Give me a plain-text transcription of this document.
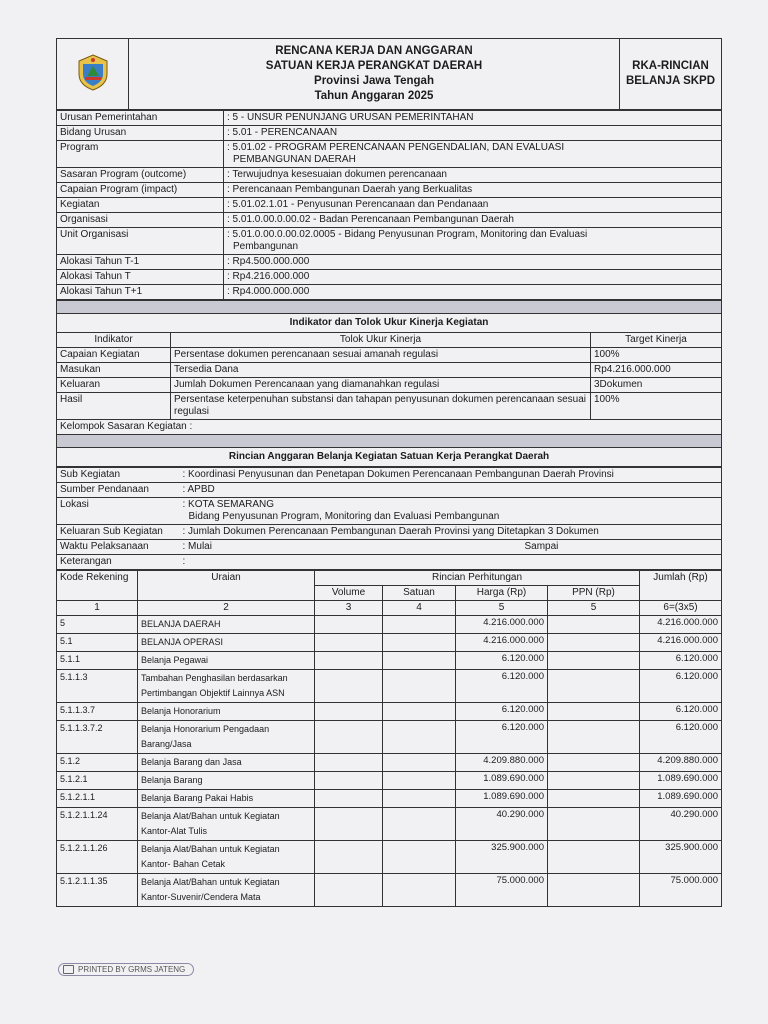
RENCANA KERJA DAN ANGGARAN
SATUAN KERJA PERANGKAT DAERAH
Provinsi Jawa Tengah
Tahun Anggaran 2025

RKA-RINCIAN
BELANJA SKPD
Urusan Pemerintahan	: 5 - UNSUR PENUNJANG URUSAN PEMERINTAHAN

Bidang Urusan	: 5.01 - PERENCANAAN

Program	: 5.01.02 - PROGRAM PERENCANAAN PENGENDALIAN, DAN EVALUASI
PEMBANGUNAN DAERAH

Sasaran Program (outcome)	: Terwujudnya kesesuaian dokumen perencanaan

Capaian Program (impact)	: Perencanaan Pembangunan Daerah yang Berkualitas

Kegiatan	: 5.01.02.1.01 - Penyusunan Perencanaan dan Pendanaan

Organisasi	: 5.01.0.00.0.00.02 - Badan Perencanaan Pembangunan Daerah

Unit Organisasi	: 5.01.0.00.0.00.02.0005 - Bidang Penyusunan Program, Monitoring dan Evaluasi
Pembangunan

Alokasi Tahun T-1	: Rp4.500.000.000

Alokasi Tahun T	: Rp4.216.000.000

Alokasi Tahun T+1	: Rp4.000.000.000

Indikator dan Tolok Ukur Kinerja Kegiatan		
Indikator	Tolok Ukur Kinerja	Target Kinerja
Capaian Kegiatan	Persentase dokumen perencanaan sesuai amanah regulasi	100%
Masukan	Tersedia Dana	Rp4.216.000.000
Keluaran	Jumlah Dokumen Perencanaan yang diamanahkan regulasi	3Dokumen
Hasil	Persentase keterpenuhan substansi dan tahapan penyusunan dokumen perencanaan sesuai regulasi	100%
Kelompok Sasaran Kegiatan :		

Rincian Anggaran Belanja Kegiatan Satuan Kerja Perangkat Daerah		
Sub Kegiatan	: Koordinasi Penyusunan dan Penetapan Dokumen Perencanaan Pembangunan Daerah Provinsi	
Sumber Pendanaan	: APBD	
Lokasi	: KOTA SEMARANG
Bidang Penyusunan Program, Monitoring dan Evaluasi Pembangunan	

Keluaran Sub Kegiatan	: Jumlah Dokumen Perencanaan Pembangunan Daerah Provinsi yang Ditetapkan 3 Dokumen	
Waktu Pelaksanaan	: Mulai	Sampai
Keterangan	:	
Kode Rekening	Uraian	Rincian Perhitungan				Jumlah (Rp)
		Volume	Satuan	Harga (Rp)	PPN (Rp)	
1	2	3	4	5	5	6=(3x5)
5	BELANJA DAERAH			4.216.000.000		4.216.000.000
5.1	BELANJA OPERASI			4.216.000.000		4.216.000.000
5.1.1	Belanja Pegawai			6.120.000		6.120.000
5.1.1.3	Tambahan Penghasilan berdasarkan Pertimbangan Objektif Lainnya ASN			6.120.000		6.120.000
5.1.1.3.7	Belanja Honorarium			6.120.000		6.120.000
5.1.1.3.7.2	Belanja Honorarium Pengadaan Barang/Jasa			6.120.000		6.120.000
5.1.2	Belanja Barang dan Jasa			4.209.880.000		4.209.880.000
5.1.2.1	Belanja Barang			1.089.690.000		1.089.690.000
5.1.2.1.1	Belanja Barang Pakai Habis			1.089.690.000		1.089.690.000
5.1.2.1.1.24	Belanja Alat/Bahan untuk Kegiatan Kantor-Alat Tulis			40.290.000		40.290.000
5.1.2.1.1.26	Belanja Alat/Bahan untuk Kegiatan Kantor- Bahan Cetak			325.900.000		325.900.000
5.1.2.1.1.35	Belanja Alat/Bahan untuk Kegiatan Kantor-Suvenir/Cendera Mata			75.000.000		75.000.000
PRINTED BY GRMS JATENG
